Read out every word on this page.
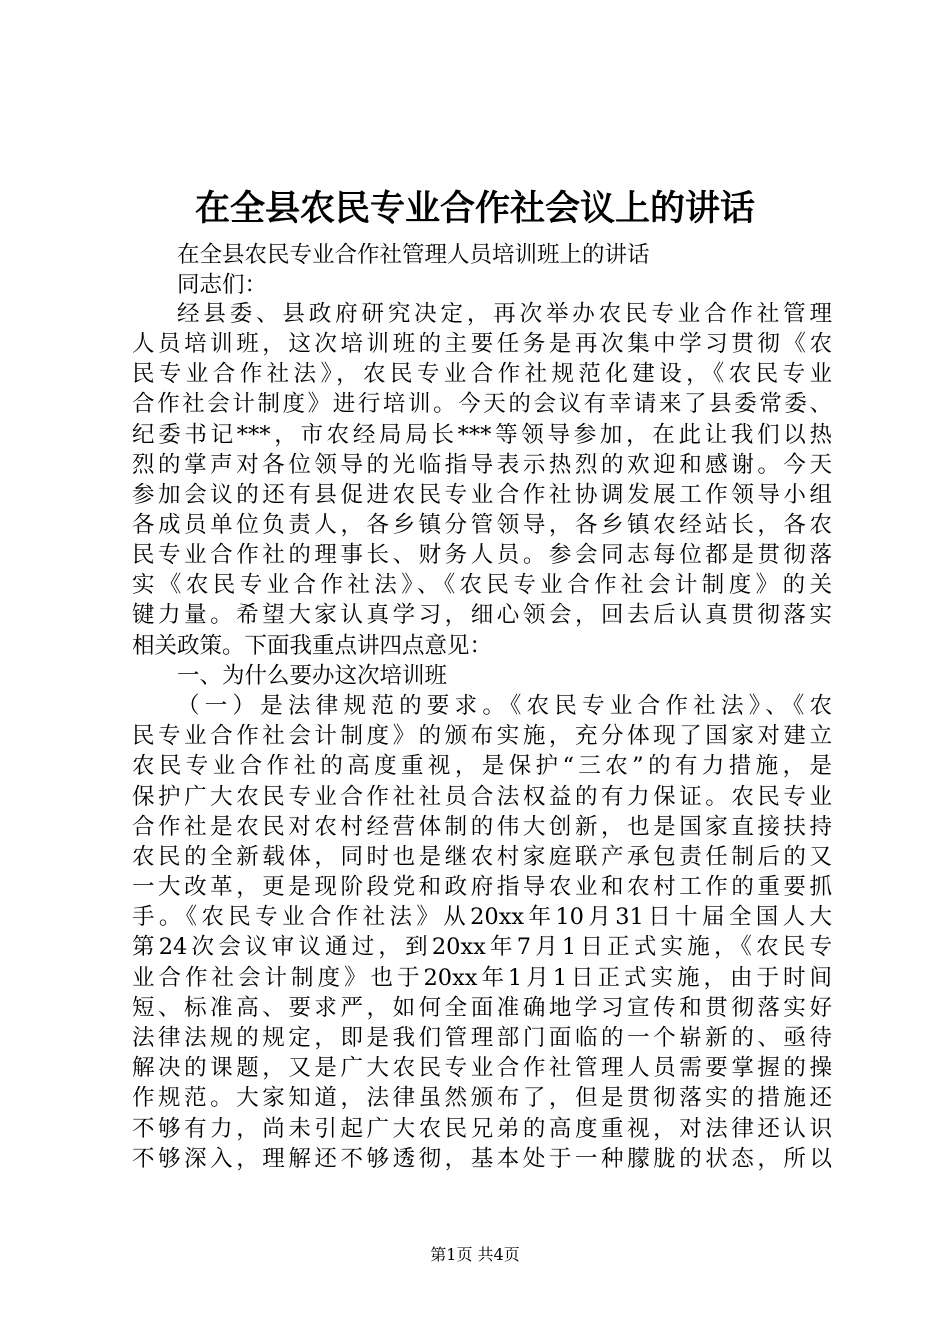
在全县农民专业合作社会议上的讲话

在全县农民专业合作社管理人员培训班上的讲话

同志们：

经县委、县政府研究决定，再次举办农民专业合作社管理

人员培训班，这次培训班的主要任务是再次集中学习贯彻《农

民专业合作社法》，农民专业合作社规范化建设，《农民专业

合作社会计制度》进行培训。今天的会议有幸请来了县委常委、

纪委书记***，市农经局局长***等领导参加，在此让我们以热

烈的掌声对各位领导的光临指导表示热烈的欢迎和感谢。今天

参加会议的还有县促进农民专业合作社协调发展工作领导小组

各成员单位负责人，各乡镇分管领导，各乡镇农经站长，各农

民专业合作社的理事长、财务人员。参会同志每位都是贯彻落

实《农民专业合作社法》、《农民专业合作社会计制度》的关

键力量。希望大家认真学习，细心领会，回去后认真贯彻落实

相关政策。下面我重点讲四点意见：

一、为什么要办这次培训班

（一）是法律规范的要求。《农民专业合作社法》、《农

民专业合作社会计制度》的颁布实施，充分体现了国家对建立

农民专业合作社的高度重视，是保护“三农”的有力措施，是

保护广大农民专业合作社社员合法权益的有力保证。农民专业

合作社是农民对农村经营体制的伟大创新，也是国家直接扶持

农民的全新载体，同时也是继农村家庭联产承包责任制后的又

一大改革，更是现阶段党和政府指导农业和农村工作的重要抓

手。《农民专业合作社法》从20xx年10月31日十届全国人大

第24次会议审议通过，到20xx年7月1日正式实施，《农民专

业合作社会计制度》也于20xx年1月1日正式实施，由于时间

短、标准高、要求严，如何全面准确地学习宣传和贯彻落实好

法律法规的规定，即是我们管理部门面临的一个崭新的、亟待

解决的课题，又是广大农民专业合作社管理人员需要掌握的操

作规范。大家知道，法律虽然颁布了，但是贯彻落实的措施还

不够有力，尚未引起广大农民兄弟的高度重视，对法律还认识

不够深入，理解还不够透彻，基本处于一种朦胧的状态，所以

第1页 共4页
